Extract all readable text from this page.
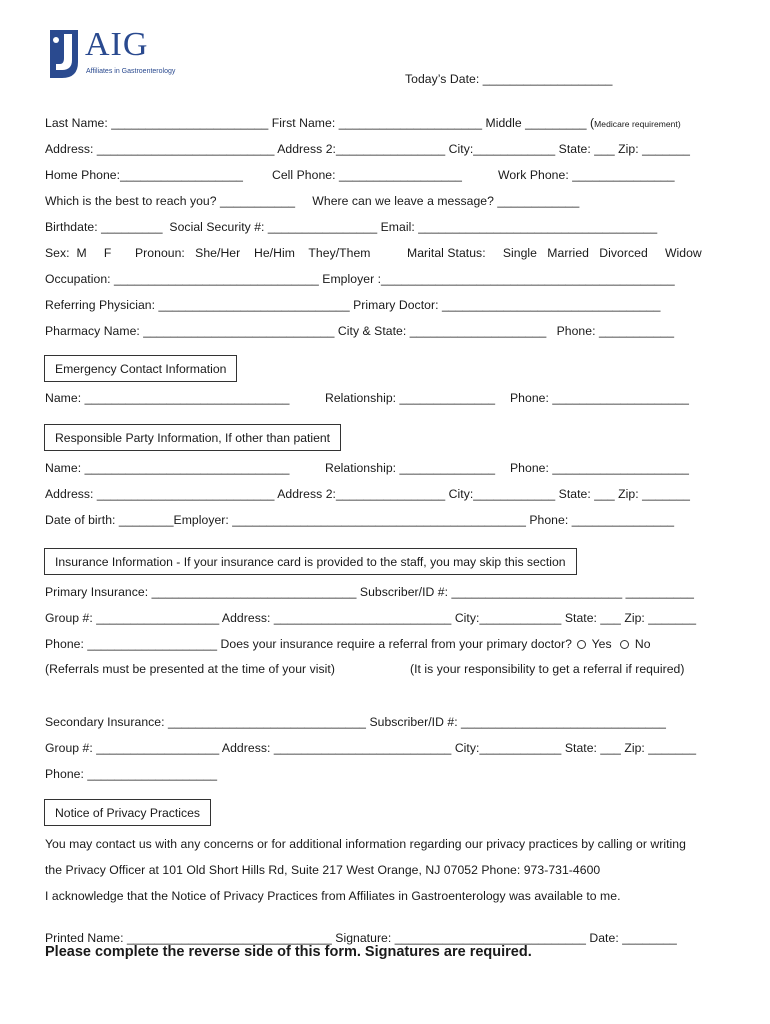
AIG
Affiliates in Gastroenterology
Today’s Date: ___________________
Last Name: _______________________ First Name: _____________________ Middle _________ (Medicare requirement)
Address: __________________________ Address 2:________________ City:____________ State: ___ Zip: _______
Home Phone:__________________ Cell Phone: __________________	Work Phone: _______________
Which is the best to reach you? ___________     Where can we leave a message? ____________
Birthdate: _________  Social Security #: ________________ Email: ___________________________________
Sex:  M     F Pronoun:   She/Her    He/Him    They/Them	Marital Status:     Single   Married   Divorced     Widow
Occupation: ______________________________ Employer :___________________________________________
Referring Physician: ____________________________ Primary Doctor: ________________________________
Pharmacy Name: ____________________________ City & State: ____________________   Phone: ___________
Emergency Contact Information
Name: ______________________________	Relationship: ______________ Phone: ____________________
Responsible Party Information, If other than patient
Name: ______________________________	Relationship: ______________ Phone: ____________________
Address: __________________________ Address 2:________________ City:____________ State: ___ Zip: _______
Date of birth: ________Employer: ___________________________________________ Phone: _______________
Insurance Information - If your insurance card is provided to the staff, you may skip this section
Primary Insurance: ______________________________ Subscriber/ID #: _________________________ __________
Group #: __________________ Address: __________________________ City:____________ State: ___ Zip: _______
Phone: ___________________ Does your insurance require a referral from your primary doctor? Yes No
(Referrals must be presented at the time of your visit)	(It is your responsibility to get a referral if required)
Secondary Insurance: _____________________________ Subscriber/ID #: ______________________________
Group #: __________________ Address: __________________________ City:____________ State: ___ Zip: _______
Phone: ___________________
Notice of Privacy Practices
You may contact us with any concerns or for additional information regarding our privacy practices by calling or writing
the Privacy Officer at 101 Old Short Hills Rd, Suite 217 West Orange, NJ 07052 Phone: 973-731-4600
I acknowledge that the Notice of Privacy Practices from Affiliates in Gastroenterology was available to me.
Printed Name: ______________________________ Signature: ____________________________ Date: ________
Please complete the reverse side of this form. Signatures are required.
